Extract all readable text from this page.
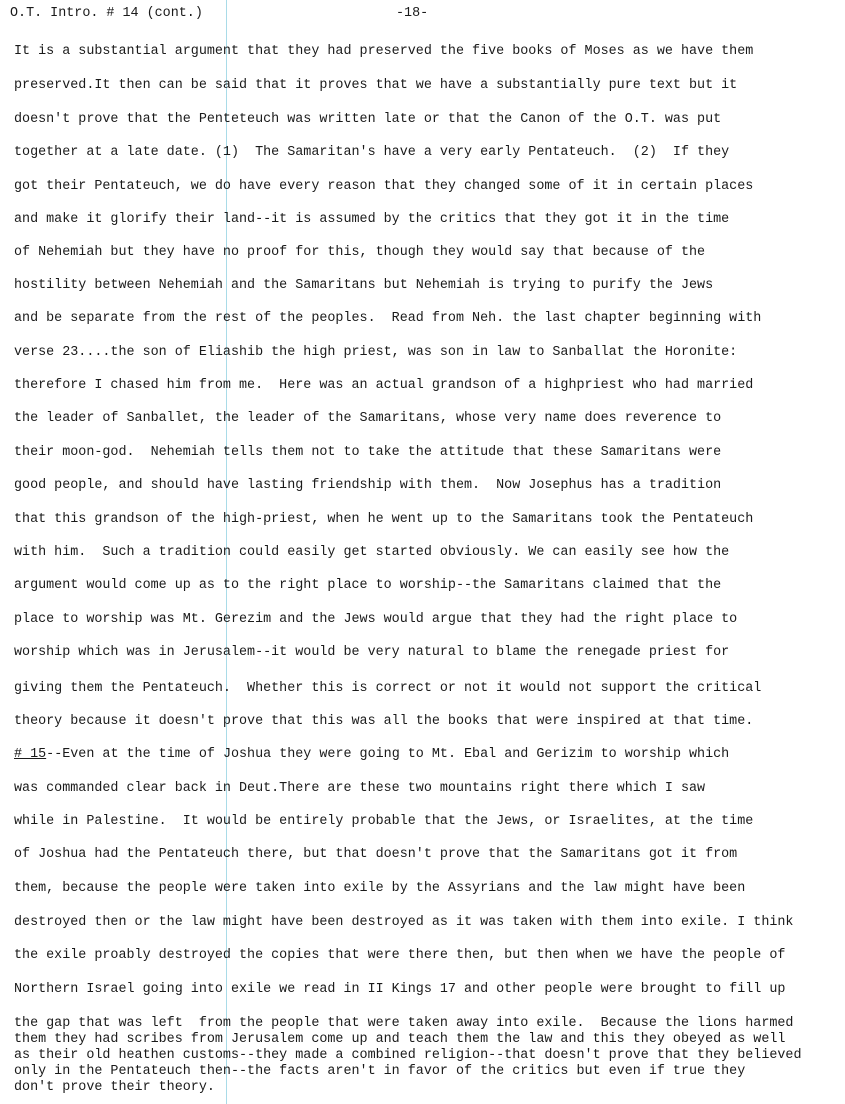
O.T. Intro. # 14 (cont.)

	-18-

It is a substantial argument that they had preserved the five books of Moses as we have them
preserved.It then can be said that it proves that we have a substantially pure text but it
doesn't prove that the Penteteuch was written late or that the Canon of the O.T. was put
together at a late date. (1)  The Samaritan's have a very early Pentateuch.  (2)  If they
got their Pentateuch, we do have every reason that they changed some of it in certain places
and make it glorify their land--it is assumed by the critics that they got it in the time
of Nehemiah but they have no proof for this, though they would say that because of the
hostility between Nehemiah and the Samaritans but Nehemiah is trying to purify the Jews
and be separate from the rest of the peoples.  Read from Neh. the last chapter beginning with
verse 23....the son of Eliashib the high priest, was son in law to Sanballat the Horonite:
therefore I chased him from me.  Here was an actual grandson of a highpriest who had married
the leader of Sanballet, the leader of the Samaritans, whose very name does reverence to
their moon-god.  Nehemiah tells them not to take the attitude that these Samaritans were
good people, and should have lasting friendship with them.  Now Josephus has a tradition
that this grandson of the high-priest, when he went up to the Samaritans took the Pentateuch
with him.  Such a tradition could easily get started obviously. We can easily see how the
argument would come up as to the right place to worship--the Samaritans claimed that the
place to worship was Mt. Gerezim and the Jews would argue that they had the right place to
worship which was in Jerusalem--it would be very natural to blame the renegade priest for
giving them the Pentateuch.  Whether this is correct or not it would not support the critical
theory because it doesn't prove that this was all the books that were inspired at that time.
# 15--Even at the time of Joshua they were going to Mt. Ebal and Gerizim to worship which
was commanded clear back in Deut.There are these two mountains right there which I saw
while in Palestine.  It would be entirely probable that the Jews, or Israelites, at the time
of Joshua had the Pentateuch there, but that doesn't prove that the Samaritans got it from
them, because the people were taken into exile by the Assyrians and the law might have been
destroyed then or the law might have been destroyed as it was taken with them into exile. I think
the exile proably destroyed the copies that were there then, but then when we have the people of
Northern Israel going into exile we read in II Kings 17 and other people were brought to fill up
the gap that was left  from the people that were taken away into exile.  Because the lions harmed
them they had scribes from Jerusalem come up and teach them the law and this they obeyed as well
as their old heathen customs--they made a combined religion--that doesn't prove that they believed
only in the Pentateuch then--the facts aren't in favor of the critics but even if true they
don't prove their theory.
